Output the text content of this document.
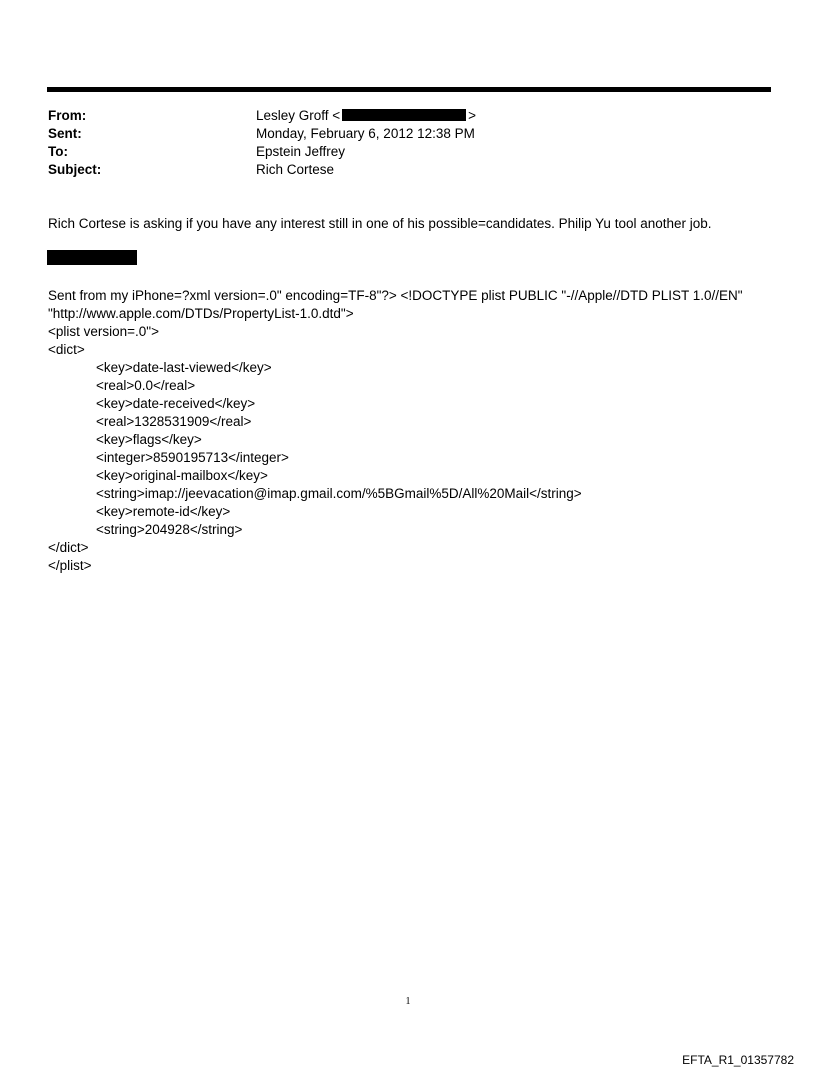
From:	Lesley Groff <	>
Sent:	Monday, February 6, 2012 12:38 PM
To:	Epstein Jeffrey
Subject:	Rich Cortese
Rich Cortese is asking if you have any interest still in one of his possible=candidates. Philip Yu tool another job.
Sent from my iPhone=?xml version=.0" encoding=TF-8"?> <!DOCTYPE plist PUBLIC "-//Apple//DTD PLIST 1.0//EN"
"http://www.apple.com/DTDs/PropertyList-1.0.dtd">
<plist version=.0">
<dict>
<key>date-last-viewed</key>
<real>0.0</real>
<key>date-received</key>
<real>1328531909</real>
<key>flags</key>
<integer>8590195713</integer>
<key>original-mailbox</key>
<string>imap://jeevacation@imap.gmail.com/%5BGmail%5D/All%20Mail</string>
<key>remote-id</key>
<string>204928</string>
</dict>
</plist>
1
EFTA_R1_01357782
